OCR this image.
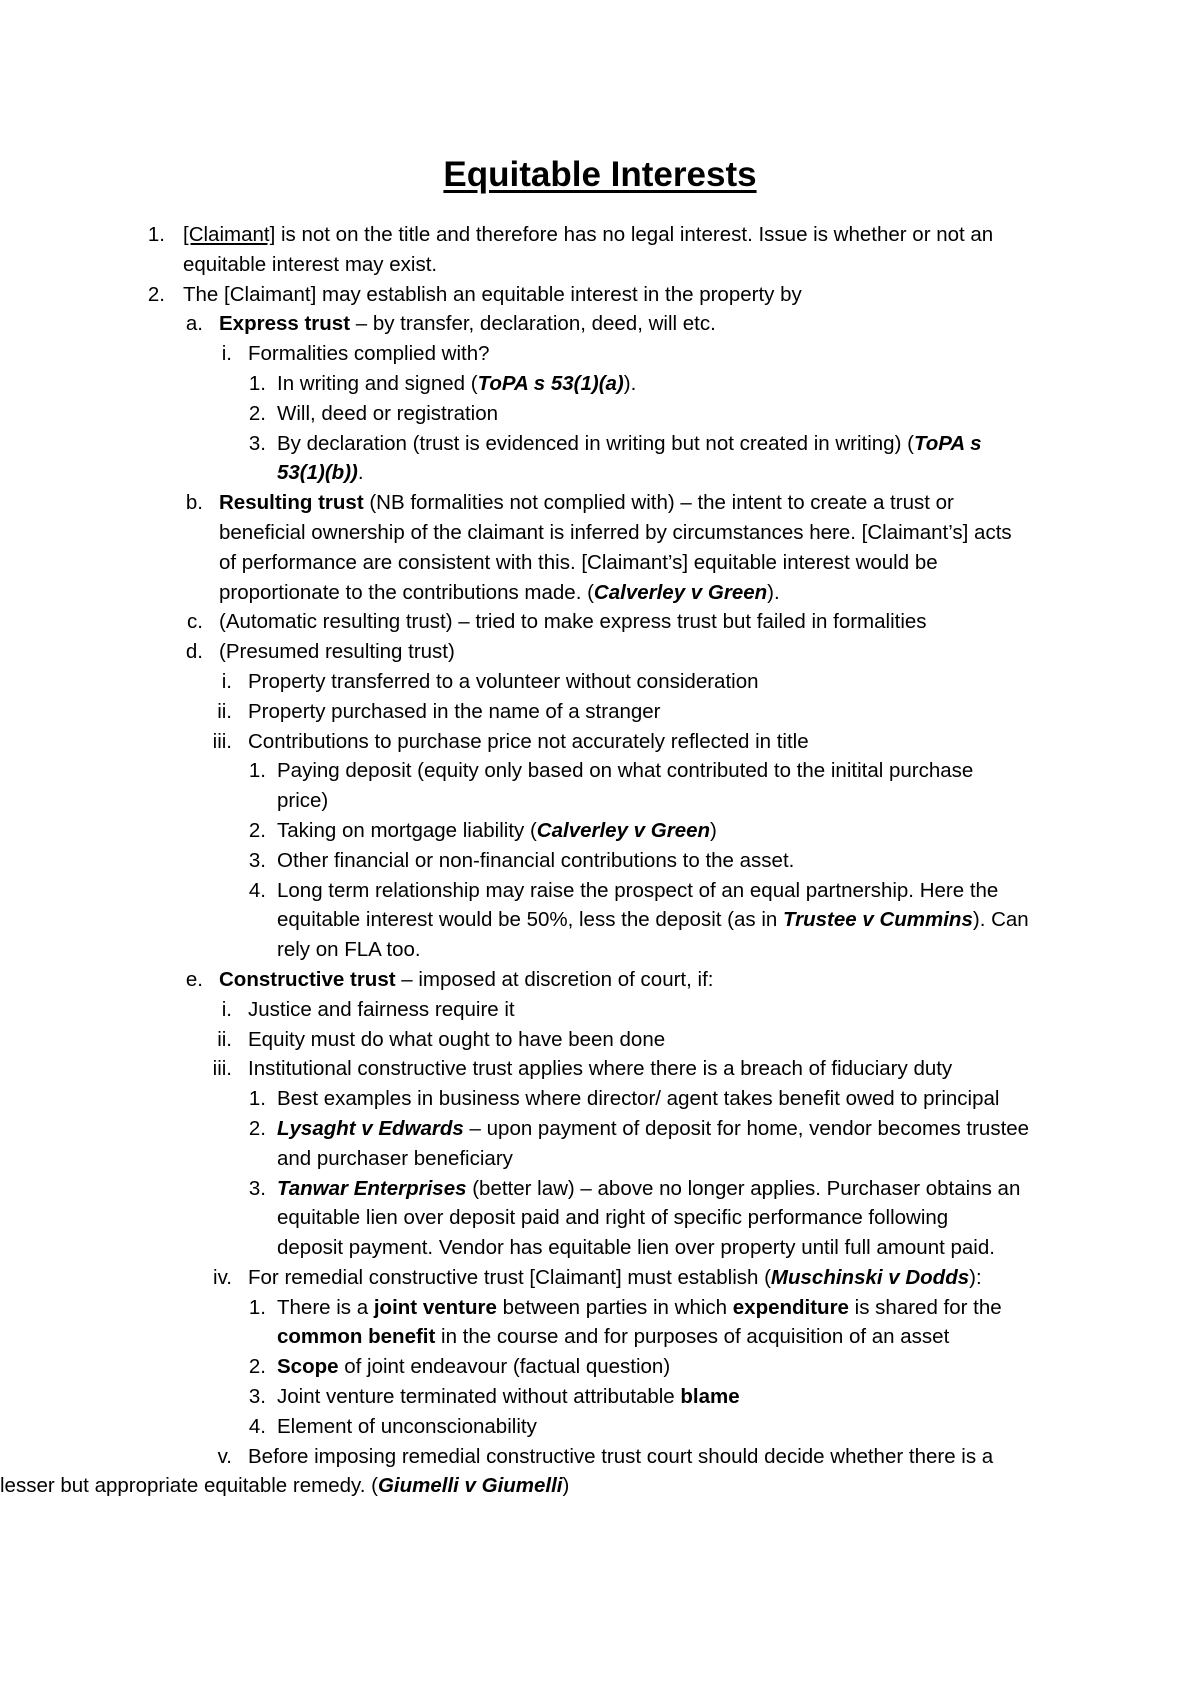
Equitable Interests
1. [Claimant] is not on the title and therefore has no legal interest. Issue is whether or not an
equitable interest may exist.
2. The [Claimant] may establish an equitable interest in the property by
a. Express trust – by transfer, declaration, deed, will etc.
i. Formalities complied with?
1. In writing and signed (ToPA s 53(1)(a)).
2. Will, deed or registration
3. By declaration (trust is evidenced in writing but not created in writing) (ToPA s
53(1)(b)).
b. Resulting trust (NB formalities not complied with) – the intent to create a trust or
beneficial ownership of the claimant is inferred by circumstances here. [Claimant’s] acts
of performance are consistent with this. [Claimant’s] equitable interest would be
proportionate to the contributions made. (Calverley v Green).
c. (Automatic resulting trust) – tried to make express trust but failed in formalities
d. (Presumed resulting trust)
i. Property transferred to a volunteer without consideration
ii. Property purchased in the name of a stranger
iii. Contributions to purchase price not accurately reflected in title
1. Paying deposit (equity only based on what contributed to the initital purchase
price)
2. Taking on mortgage liability (Calverley v Green)
3. Other financial or non-financial contributions to the asset.
4. Long term relationship may raise the prospect of an equal partnership. Here the
equitable interest would be 50%, less the deposit (as in Trustee v Cummins). Can
rely on FLA too.
e. Constructive trust – imposed at discretion of court, if:
i. Justice and fairness require it
ii. Equity must do what ought to have been done
iii. Institutional constructive trust applies where there is a breach of fiduciary duty
1. Best examples in business where director/ agent takes benefit owed to principal
2. Lysaght v Edwards – upon payment of deposit for home, vendor becomes trustee
and purchaser beneficiary
3. Tanwar Enterprises (better law) – above no longer applies. Purchaser obtains an
equitable lien over deposit paid and right of specific performance following
deposit payment. Vendor has equitable lien over property until full amount paid.
iv. For remedial constructive trust [Claimant] must establish (Muschinski v Dodds):
1. There is a joint venture between parties in which expenditure is shared for the
common benefit in the course and for purposes of acquisition of an asset
2. Scope of joint endeavour (factual question)
3. Joint venture terminated without attributable blame
4. Element of unconscionability
v. Before imposing remedial constructive trust court should decide whether there is a
lesser but appropriate equitable remedy. (Giumelli v Giumelli)
